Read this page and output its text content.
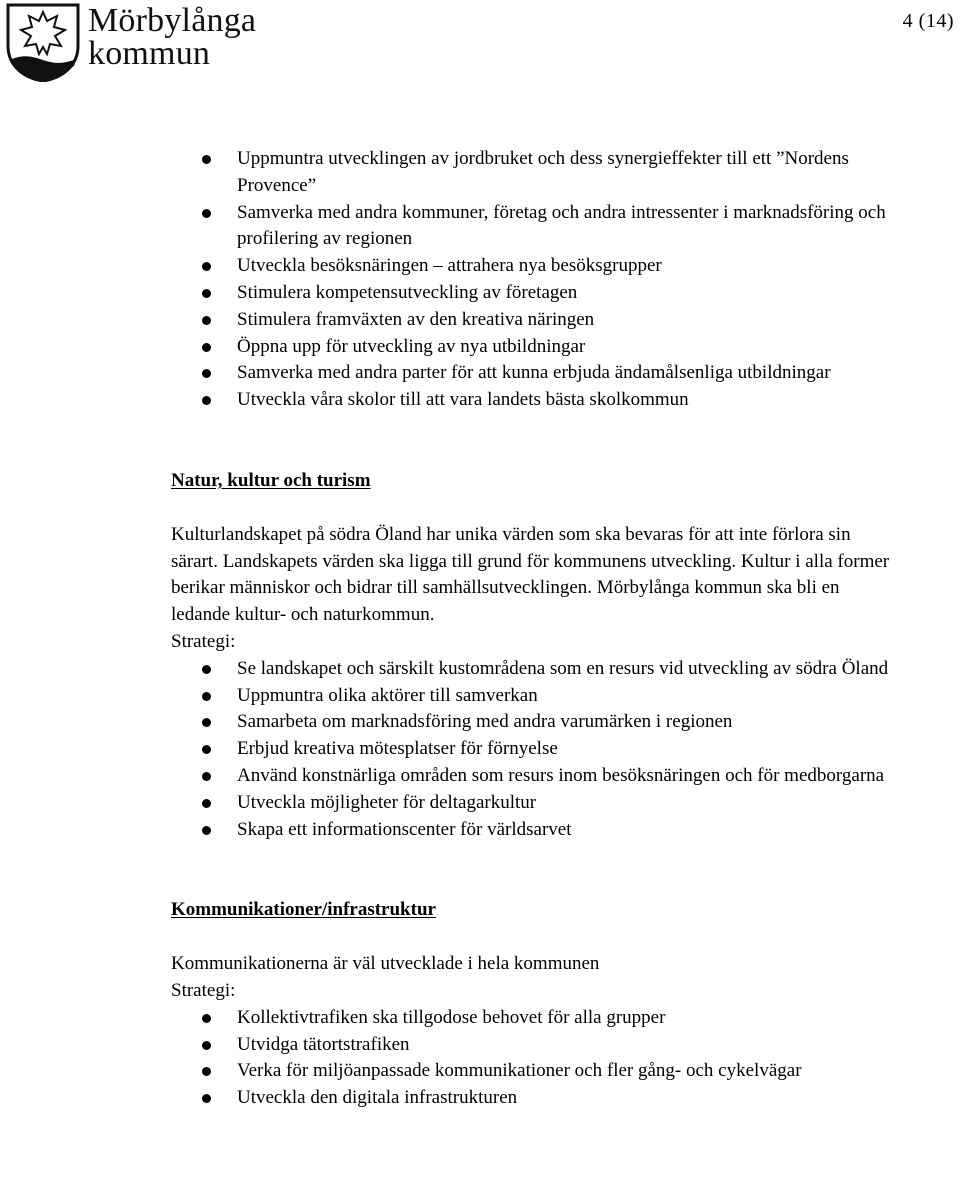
Mörbylånga
kommun
4 (14)
Uppmuntra utvecklingen av jordbruket och dess synergieffekter till ett ”Nordens Provence”
Samverka med andra kommuner, företag och andra intressenter i marknadsföring och profilering av regionen
Utveckla besöksnäringen – attrahera nya besöksgrupper
Stimulera kompetensutveckling av företagen
Stimulera framväxten av den kreativa näringen
Öppna upp för utveckling av nya utbildningar
Samverka med andra parter för att kunna erbjuda ändamålsenliga utbildningar
Utveckla våra skolor till att vara landets bästa skolkommun

Natur, kultur och turism

Kulturlandskapet på södra Öland har unika värden som ska bevaras för att inte förlora sin särart. Landskapets värden ska ligga till grund för kommunens utveckling. Kultur i alla former berikar människor och bidrar till samhällsutvecklingen. Mörbylånga kommun ska bli en ledande kultur- och naturkommun.

Strategi:

Se landskapet och särskilt kustområdena som en resurs vid utveckling av södra Öland
Uppmuntra olika aktörer till samverkan
Samarbeta om marknadsföring med andra varumärken i regionen
Erbjud kreativa mötesplatser för förnyelse
Använd konstnärliga områden som resurs inom besöksnäringen och för medborgarna
Utveckla möjligheter för deltagarkultur
Skapa ett informationscenter för världsarvet

Kommunikationer/infrastruktur

Kommunikationerna är väl utvecklade i hela kommunen

Strategi:

Kollektivtrafiken ska tillgodose behovet för alla grupper
Utvidga tätortstrafiken
Verka för miljöanpassade kommunikationer och fler gång- och cykelvägar
Utveckla den digitala infrastrukturen
